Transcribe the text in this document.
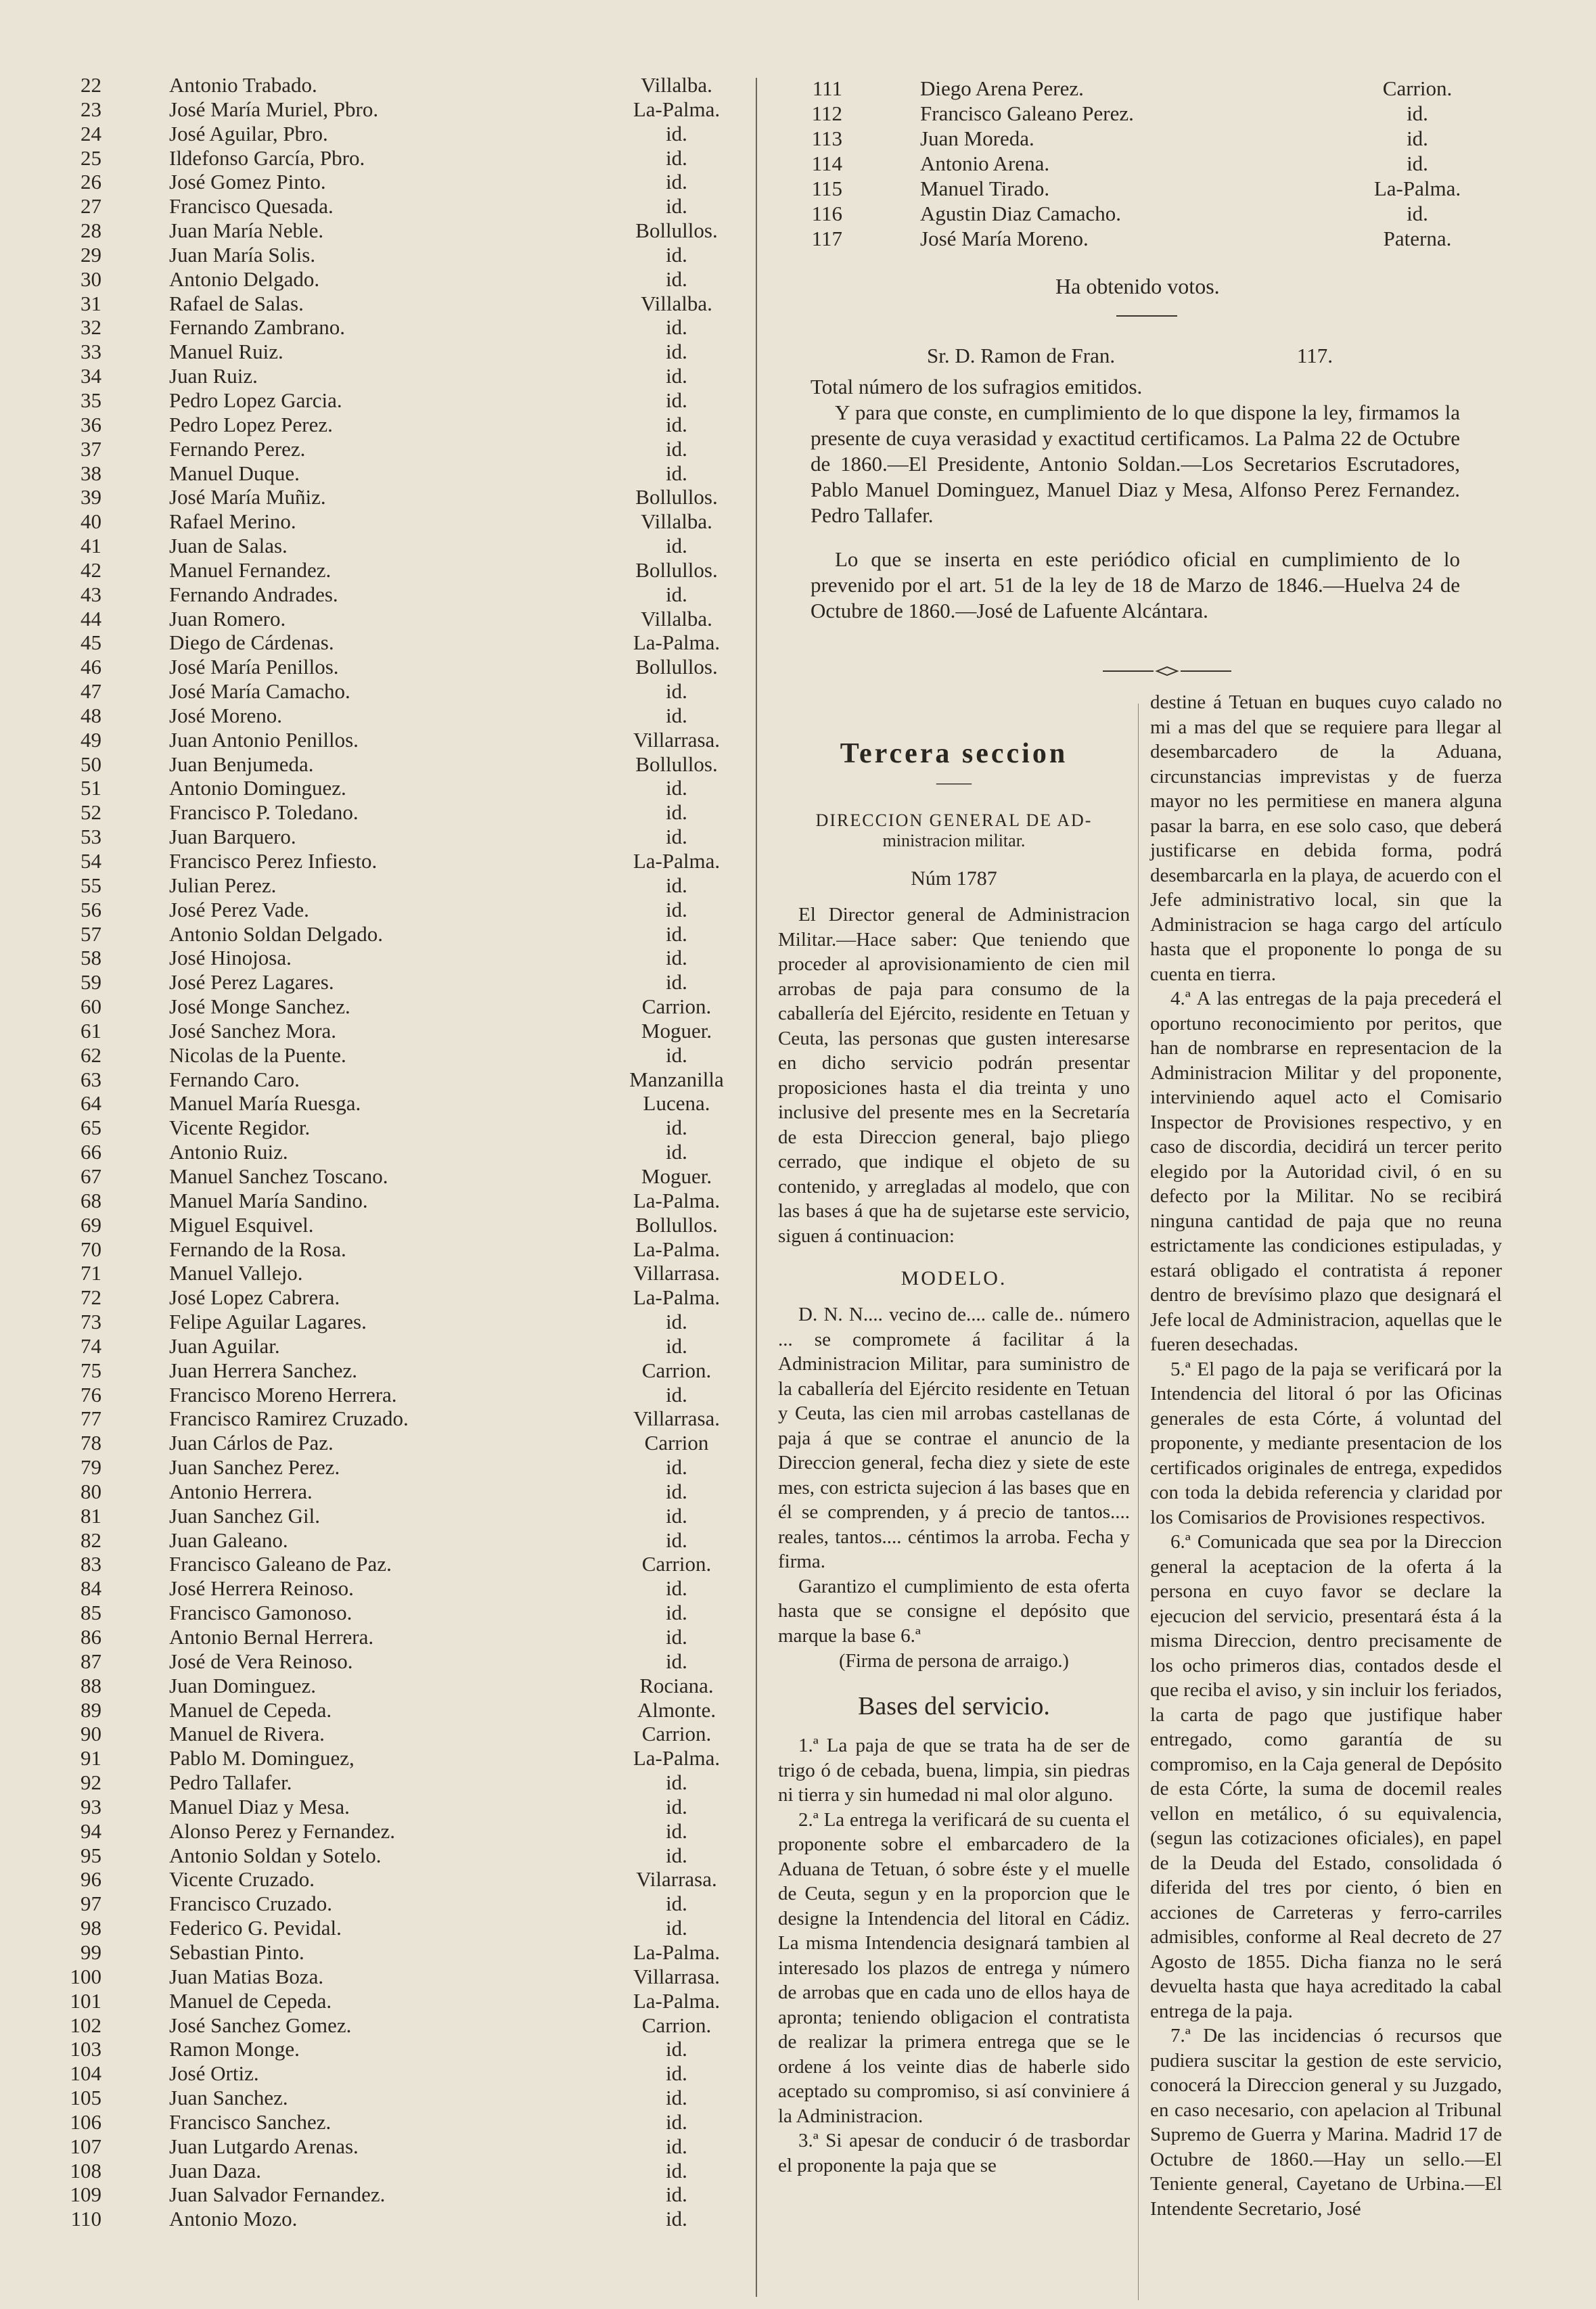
22	Antonio Trabado.	Villalba.
23	José María Muriel, Pbro.	La-Palma.
24	José Aguilar, Pbro.	id.
25	Ildefonso García, Pbro.	id.
26	José Gomez Pinto.	id.
27	Francisco Quesada.	id.
28	Juan María Neble.	Bollullos.
29	Juan María Solis.	id.
30	Antonio Delgado.	id.
31	Rafael de Salas.	Villalba.
32	Fernando Zambrano.	id.
33	Manuel Ruiz.	id.
34	Juan Ruiz.	id.
35	Pedro Lopez Garcia.	id.
36	Pedro Lopez Perez.	id.
37	Fernando Perez.	id.
38	Manuel Duque.	id.
39	José María Muñiz.	Bollullos.
40	Rafael Merino.	Villalba.
41	Juan de Salas.	id.
42	Manuel Fernandez.	Bollullos.
43	Fernando Andrades.	id.
44	Juan Romero.	Villalba.
45	Diego de Cárdenas.	La-Palma.
46	José María Penillos.	Bollullos.
47	José María Camacho.	id.
48	José Moreno.	id.
49	Juan Antonio Penillos.	Villarrasa.
50	Juan Benjumeda.	Bollullos.
51	Antonio Dominguez.	id.
52	Francisco P. Toledano.	id.
53	Juan Barquero.	id.
54	Francisco Perez Infiesto.	La-Palma.
55	Julian Perez.	id.
56	José Perez Vade.	id.
57	Antonio Soldan Delgado.	id.
58	José Hinojosa.	id.
59	José Perez Lagares.	id.
60	José Monge Sanchez.	Carrion.
61	José Sanchez Mora.	Moguer.
62	Nicolas de la Puente.	id.
63	Fernando Caro.	Manzanilla
64	Manuel María Ruesga.	Lucena.
65	Vicente Regidor.	id.
66	Antonio Ruiz.	id.
67	Manuel Sanchez Toscano.	Moguer.
68	Manuel María Sandino.	La-Palma.
69	Miguel Esquivel.	Bollullos.
70	Fernando de la Rosa.	La-Palma.
71	Manuel Vallejo.	Villarrasa.
72	José Lopez Cabrera.	La-Palma.
73	Felipe Aguilar Lagares.	id.
74	Juan Aguilar.	id.
75	Juan Herrera Sanchez.	Carrion.
76	Francisco Moreno Herrera.	id.
77	Francisco Ramirez Cruzado.	Villarrasa.
78	Juan Cárlos de Paz.	Carrion
79	Juan Sanchez Perez.	id.
80	Antonio Herrera.	id.
81	Juan Sanchez Gil.	id.
82	Juan Galeano.	id.
83	Francisco Galeano de Paz.	Carrion.
84	José Herrera Reinoso.	id.
85	Francisco Gamonoso.	id.
86	Antonio Bernal Herrera.	id.
87	José de Vera Reinoso.	id.
88	Juan Dominguez.	Rociana.
89	Manuel de Cepeda.	Almonte.
90	Manuel de Rivera.	Carrion.
91	Pablo M. Dominguez,	La-Palma.
92	Pedro Tallafer.	id.
93	Manuel Diaz y Mesa.	id.
94	Alonso Perez y Fernandez.	id.
95	Antonio Soldan y Sotelo.	id.
96	Vicente Cruzado.	Vilarrasa.
97	Francisco Cruzado.	id.
98	Federico G. Pevidal.	id.
99	Sebastian Pinto.	La-Palma.
100	Juan Matias Boza.	Villarrasa.
101	Manuel de Cepeda.	La-Palma.
102	José Sanchez Gomez.	Carrion.
103	Ramon Monge.	id.
104	José Ortiz.	id.
105	Juan Sanchez.	id.
106	Francisco Sanchez.	id.
107	Juan Lutgardo Arenas.	id.
108	Juan Daza.	id.
109	Juan Salvador Fernandez.	id.
110	Antonio Mozo.	id.
111	Diego Arena Perez.	Carrion.
112	Francisco Galeano Perez.	id.
113	Juan Moreda.	id.
114	Antonio Arena.	id.
115	Manuel Tirado.	La-Palma.
116	Agustin Diaz Camacho.	id.
117	José María Moreno.	Paterna.
Ha obtenido votos.
Sr. D. Ramon de Fran.	117.
Total número de los sufragios emitidos.
Y para que conste, en cumplimiento de lo que dispone la ley, firmamos la presente de cuya verasidad y exactitud certificamos. La Palma 22 de Octubre de 1860.—El Presidente, Antonio Soldan.—Los Secretarios Escrutadores, Pablo Manuel Dominguez, Manuel Diaz y Mesa, Alfonso Perez Fernandez. Pedro Tallafer.
Lo que se inserta en este periódico oficial en cumplimiento de lo prevenido por el art. 51 de la ley de 18 de Marzo de 1846.—Huelva 24 de Octubre de 1860.—José de Lafuente Alcántara.
Tercera seccion
——
DIRECCION GENERAL DE AD-
ministracion militar.
Núm 1787
El Director general de Administracion Militar.—Hace saber: Que teniendo que proceder al aprovisionamiento de cien mil arrobas de paja para consumo de la caballería del Ejército, residente en Tetuan y Ceuta, las personas que gusten interesarse en dicho servicio podrán presentar proposiciones hasta el dia treinta y uno inclusive del presente mes en la Secretaría de esta Direccion general, bajo pliego cerrado, que indique el objeto de su contenido, y arregladas al modelo, que con las bases á que ha de sujetarse este servicio, siguen á continuacion:
MODELO.
D. N. N.... vecino de.... calle de.. número ... se compromete á facilitar á la Administracion Militar, para suministro de la caballería del Ejército residente en Tetuan y Ceuta, las cien mil arrobas castellanas de paja á que se contrae el anuncio de la Direccion general, fecha diez y siete de este mes, con estricta sujecion á las bases que en él se comprenden, y á precio de tantos.... reales, tantos.... céntimos la arroba. Fecha y firma.
Garantizo el cumplimiento de esta oferta hasta que se consigne el depósito que marque la base 6.ª
(Firma de persona de arraigo.)
Bases del servicio.
1.ª La paja de que se trata ha de ser de trigo ó de cebada, buena, limpia, sin piedras ni tierra y sin humedad ni mal olor alguno.
2.ª La entrega la verificará de su cuenta el proponente sobre el embarcadero de la Aduana de Tetuan, ó sobre éste y el muelle de Ceuta, segun y en la proporcion que le designe la Intendencia del litoral en Cádiz. La misma Intendencia designará tambien al interesado los plazos de entrega y número de arrobas que en cada uno de ellos haya de apronta; teniendo obligacion el contratista de realizar la primera entrega que se le ordene á los veinte dias de haberle sido aceptado su compromiso, si así conviniere á la Administracion.
3.ª Si apesar de conducir ó de trasbordar el proponente la paja que se
destine á Tetuan en buques cuyo calado no mi a mas del que se requiere para llegar al desembarcadero de la Aduana, circunstancias imprevistas y de fuerza mayor no les permitiese en manera alguna pasar la barra, en ese solo caso, que deberá justificarse en debida forma, podrá desembarcarla en la playa, de acuerdo con el Jefe administrativo local, sin que la Administracion se haga cargo del artículo hasta que el proponente lo ponga de su cuenta en tierra.
4.ª A las entregas de la paja precederá el oportuno reconocimiento por peritos, que han de nombrarse en representacion de la Administracion Militar y del proponente, interviniendo aquel acto el Comisario Inspector de Provisiones respectivo, y en caso de discordia, decidirá un tercer perito elegido por la Autoridad civil, ó en su defecto por la Militar. No se recibirá ninguna cantidad de paja que no reuna estrictamente las condiciones estipuladas, y estará obligado el contratista á reponer dentro de brevísimo plazo que designará el Jefe local de Administracion, aquellas que le fueren desechadas.
5.ª El pago de la paja se verificará por la Intendencia del litoral ó por las Oficinas generales de esta Córte, á voluntad del proponente, y mediante presentacion de los certificados originales de entrega, expedidos con toda la debida referencia y claridad por los Comisarios de Provisiones respectivos.
6.ª Comunicada que sea por la Direccion general la aceptacion de la oferta á la persona en cuyo favor se declare la ejecucion del servicio, presentará ésta á la misma Direccion, dentro precisamente de los ocho primeros dias, contados desde el que reciba el aviso, y sin incluir los feriados, la carta de pago que justifique haber entregado, como garantía de su compromiso, en la Caja general de Depósito de esta Córte, la suma de docemil reales vellon en metálico, ó su equivalencia, (segun las cotizaciones oficiales), en papel de la Deuda del Estado, consolidada ó diferida del tres por ciento, ó bien en acciones de Carreteras y ferro-carriles admisibles, conforme al Real decreto de 27 Agosto de 1855. Dicha fianza no le será devuelta hasta que haya acreditado la cabal entrega de la paja.
7.ª De las incidencias ó recursos que pudiera suscitar la gestion de este servicio, conocerá la Direccion general y su Juzgado, en caso necesario, con apelacion al Tribunal Supremo de Guerra y Marina. Madrid 17 de Octubre de 1860.—Hay un sello.—El Teniente general, Cayetano de Urbina.—El Intendente Secretario, José
